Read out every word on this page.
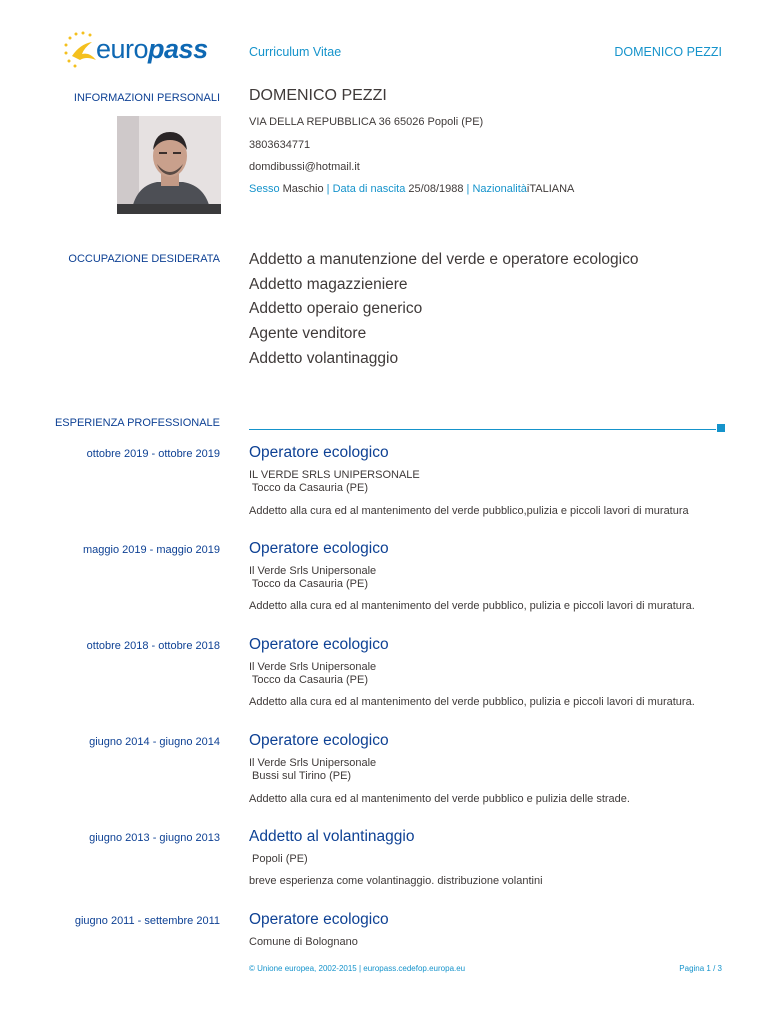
europass	Curriculum Vitae	DOMENICO PEZZI
INFORMAZIONI PERSONALI DOMENICO PEZZI
VIA DELLA REPUBBLICA 36 65026 Popoli (PE)
3803634771
domdibussi@hotmail.it
Sesso Maschio | Data di nascita 25/08/1988 | NazionalitàiTALIANA
OCCUPAZIONE DESIDERATA Addetto a manutenzione del verde e operatore ecologico
Addetto magazzieniere
Addetto operaio generico
Agente venditore
Addetto volantinaggio
ESPERIENZA PROFESSIONALE
ottobre 2019 - ottobre 2019 Operatore ecologico
IL VERDE SRLS UNIPERSONALE
Tocco da Casauria (PE)
Addetto alla cura ed al mantenimento del verde pubblico,pulizia e piccoli lavori di muratura
maggio 2019 - maggio 2019 Operatore ecologico
Il Verde Srls Unipersonale
Tocco da Casauria (PE)
Addetto alla cura ed al mantenimento del verde pubblico, pulizia e piccoli lavori di muratura.
ottobre 2018 - ottobre 2018 Operatore ecologico
Il Verde Srls Unipersonale
Tocco da Casauria (PE)
Addetto alla cura ed al mantenimento del verde pubblico, pulizia e piccoli lavori di muratura.
giugno 2014 - giugno 2014 Operatore ecologico
Il Verde Srls Unipersonale
Bussi sul Tirino (PE)
Addetto alla cura ed al mantenimento del verde pubblico e pulizia delle strade.
giugno 2013 - giugno 2013 Addetto al volantinaggio
Popoli (PE)
breve esperienza come volantinaggio. distribuzione volantini
giugno 2011 - settembre 2011 Operatore ecologico
Comune di Bolognano
© Unione europea, 2002-2015 | europass.cedefop.europa.eu	Pagina 1 / 3
